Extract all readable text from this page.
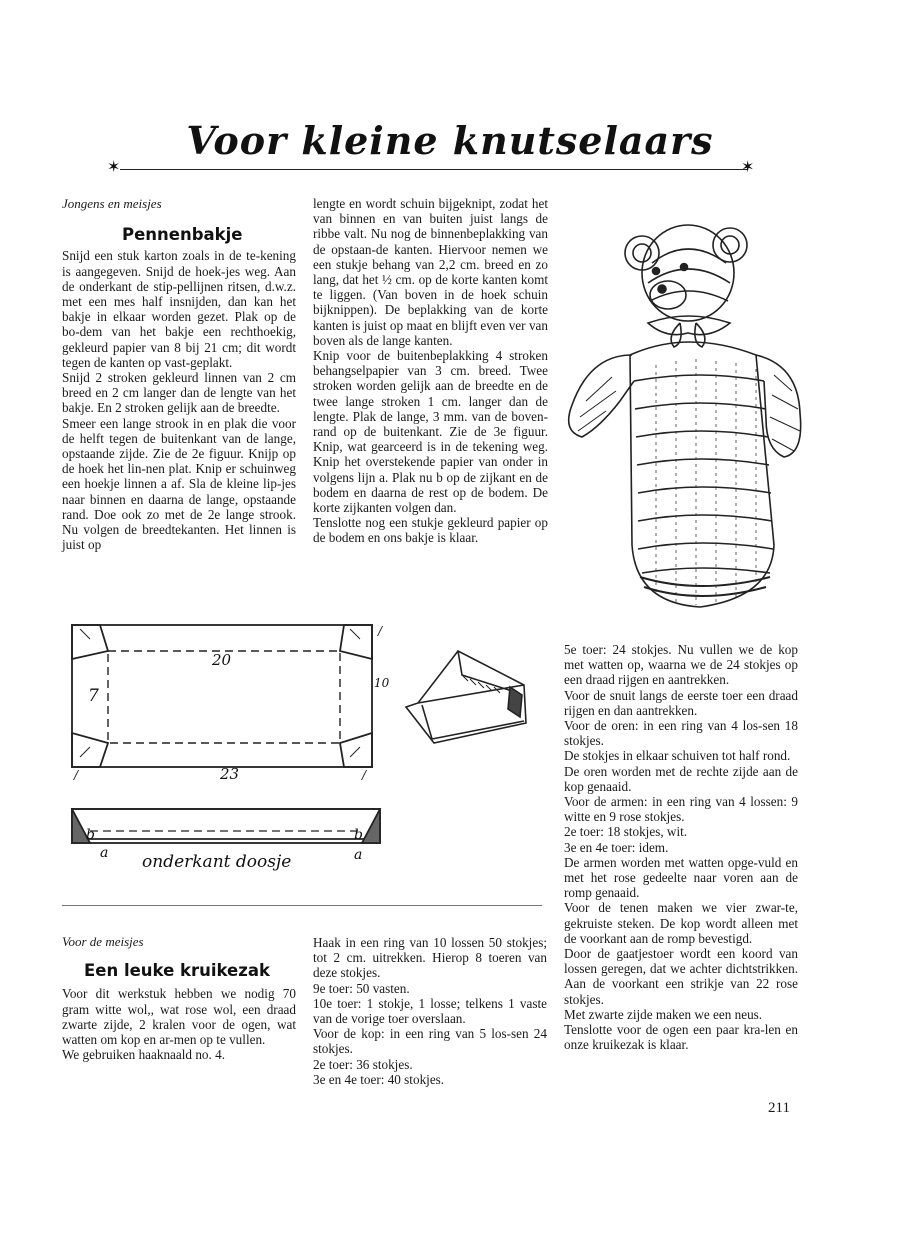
Voor kleine knutselaars
✶	✶

Jongens en meisjes

Pennenbakje

Snijd een stuk karton zoals in de te-kening is aangegeven. Snijd de hoek-jes weg. Aan de onderkant de stip-pellijnen ritsen, d.w.z. met een mes half insnijden, dan kan het bakje in elkaar worden gezet. Plak op de bo-dem van het bakje een rechthoekig, gekleurd papier van 8 bij 21 cm; dit wordt tegen de kanten op vast-geplakt.

Snijd 2 stroken gekleurd linnen van 2 cm breed en 2 cm langer dan de lengte van het bakje. En 2 stroken gelijk aan de breedte.

Smeer een lange strook in en plak die voor de helft tegen de buitenkant van de lange, opstaande zijde. Zie de 2e figuur. Knijp op de hoek het lin-nen plat. Knip er schuinweg een hoekje linnen a af. Sla de kleine lip-jes naar binnen en daarna de lange, opstaande rand. Doe ook zo met de 2e lange strook. Nu volgen de breedtekanten. Het linnen is juist op

lengte en wordt schuin bijgeknipt, zodat het van binnen en van buiten juist langs de ribbe valt. Nu nog de binnenbeplakking van de opstaan-de kanten. Hiervoor nemen we een stukje behang van 2,2 cm. breed en zo lang, dat het ½ cm. op de korte kanten komt te liggen. (Van boven in de hoek schuin bijknippen). De beplakking van de korte kanten is juist op maat en blijft even ver van boven als de lange kanten.

Knip voor de buitenbeplakking 4 stroken behangselpapier van 3 cm. breed. Twee stroken worden gelijk aan de breedte en de twee lange stroken 1 cm. langer dan de lengte. Plak de lange, 3 mm. van de boven-rand op de buitenkant. Zie de 3e figuur. Knip, wat gearceerd is in de tekening weg. Knip het overstekende papier van onder in volgens lijn a. Plak nu b op de zijkant en de bodem en daarna de rest op de bodem. De korte zijkanten volgen dan.

Tenslotte nog een stukje gekleurd papier op de bodem en ons bakje is klaar.

20
23
7
10
/	/
/
b	b
a	a
onderkant doosje

Voor de meisjes

Een leuke kruikezak

Voor dit werkstuk hebben we nodig 70 gram witte wol,, wat rose wol, een draad zwarte zijde, 2 kralen voor de ogen, wat watten om kop en ar-men op te vullen.

We gebruiken haaknaald no. 4.

Haak in een ring van 10 lossen 50 stokjes; tot 2 cm. uitrekken. Hierop 8 toeren van deze stokjes.

9e toer: 50 vasten.

10e toer: 1 stokje, 1 losse; telkens 1 vaste van de vorige toer overslaan.

Voor de kop: in een ring van 5 los-sen 24 stokjes.

2e toer: 36 stokjes.

3e en 4e toer: 40 stokjes.

5e toer: 24 stokjes. Nu vullen we de kop met watten op, waarna we de 24 stokjes op een draad rijgen en aantrekken.

Voor de snuit langs de eerste toer een draad rijgen en dan aantrekken.

Voor de oren: in een ring van 4 los-sen 18 stokjes.

De stokjes in elkaar schuiven tot half rond.

De oren worden met de rechte zijde aan de kop genaaid.

Voor de armen: in een ring van 4 lossen: 9 witte en 9 rose stokjes.

2e toer: 18 stokjes, wit.

3e en 4e toer: idem.

De armen worden met watten opge-vuld en met het rose gedeelte naar voren aan de romp genaaid.

Voor de tenen maken we vier zwar-te, gekruiste steken. De kop wordt alleen met de voorkant aan de romp bevestigd.

Door de gaatjestoer wordt een koord van lossen geregen, dat we achter dichtstrikken. Aan de voorkant een strikje van 22 rose stokjes.

Met zwarte zijde maken we een neus.

Tenslotte voor de ogen een paar kra-len en onze kruikezak is klaar.

211
